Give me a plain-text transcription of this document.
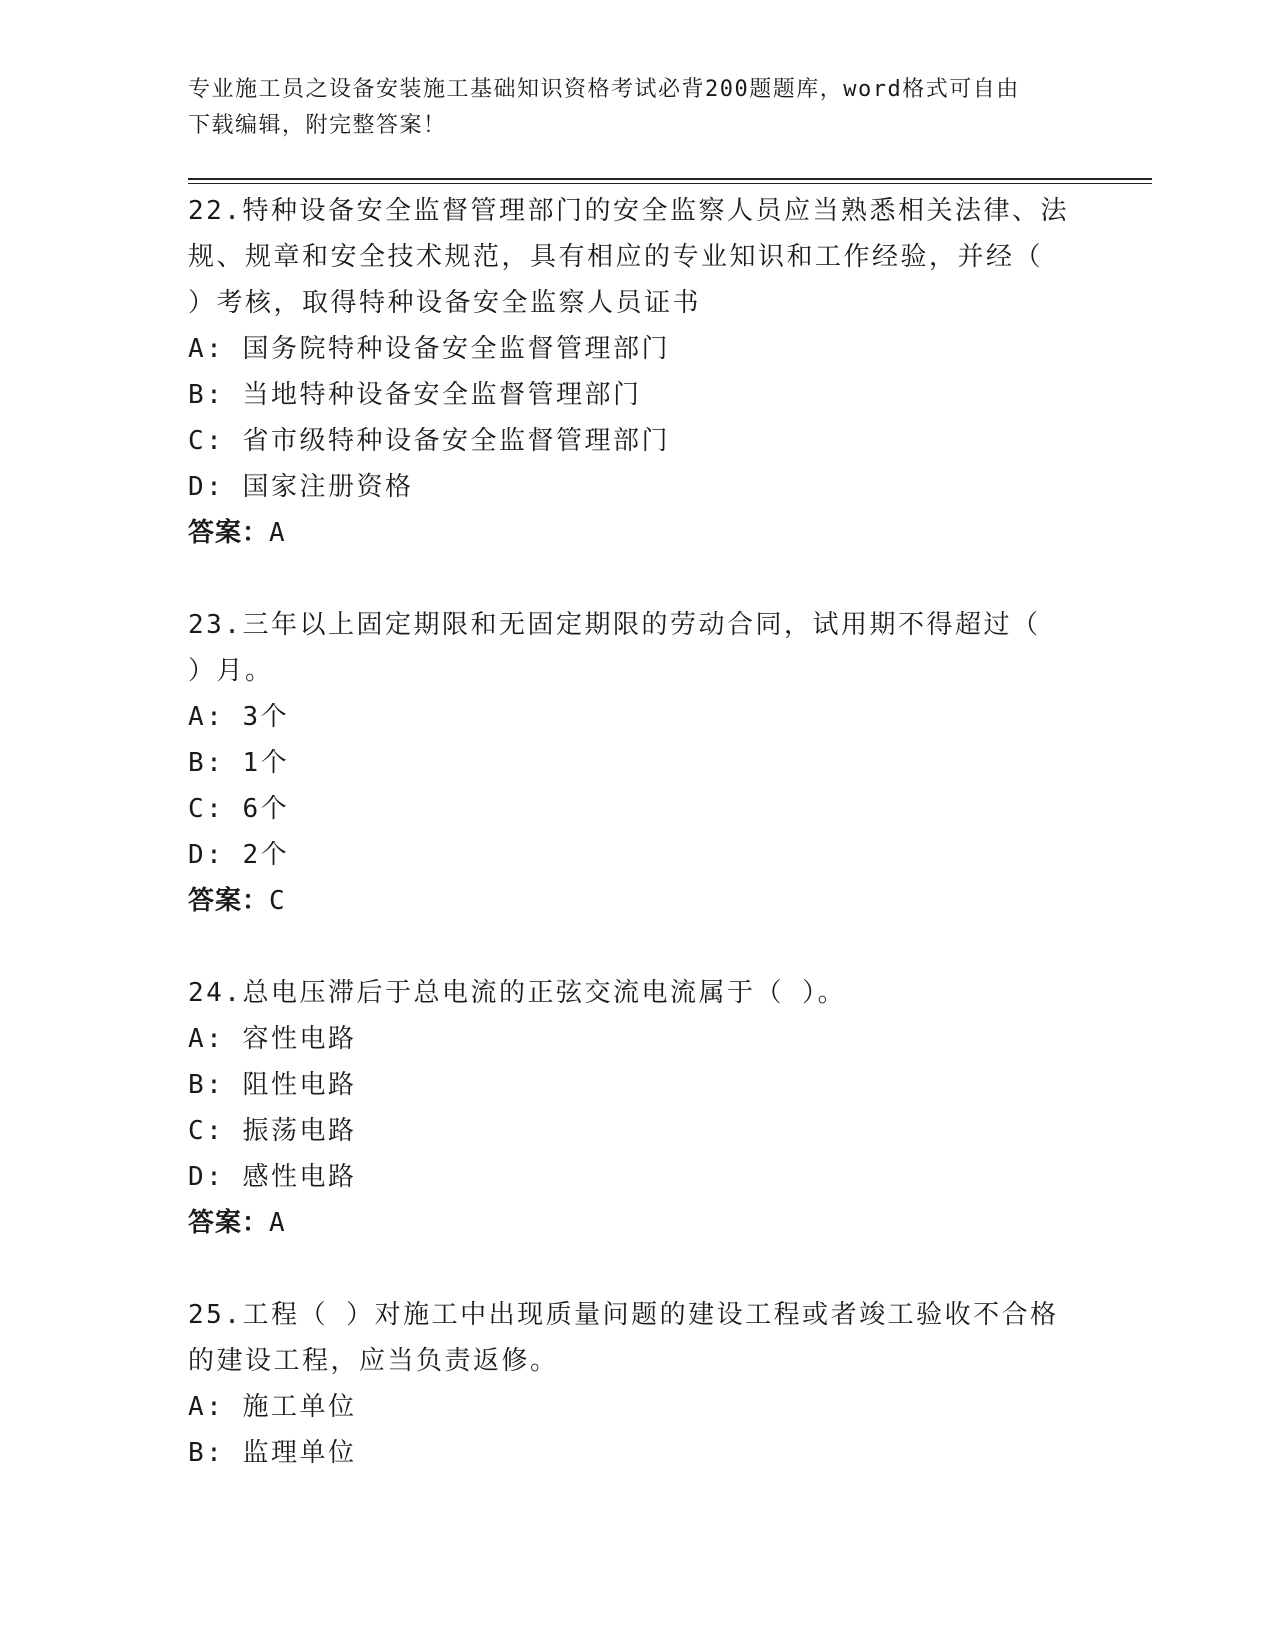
专业施工员之设备安装施工基础知识资格考试必背200题题库，word格式可自由
下载编辑，附完整答案！

22.特种设备安全监督管理部门的安全监察人员应当熟悉相关法律、法

规、规章和安全技术规范，具有相应的专业知识和工作经验，并经（

）考核，取得特种设备安全监察人员证书

A: 国务院特种设备安全监督管理部门

B: 当地特种设备安全监督管理部门

C: 省市级特种设备安全监督管理部门

D: 国家注册资格

答案：A

23.三年以上固定期限和无固定期限的劳动合同，试用期不得超过（

）月。

A: 3个

B: 1个

C: 6个

D: 2个

答案：C

24.总电压滞后于总电流的正弦交流电流属于（ ）。

A: 容性电路

B: 阻性电路

C: 振荡电路

D: 感性电路

答案：A

25.工程（ ）对施工中出现质量问题的建设工程或者竣工验收不合格

的建设工程，应当负责返修。

A: 施工单位

B: 监理单位
